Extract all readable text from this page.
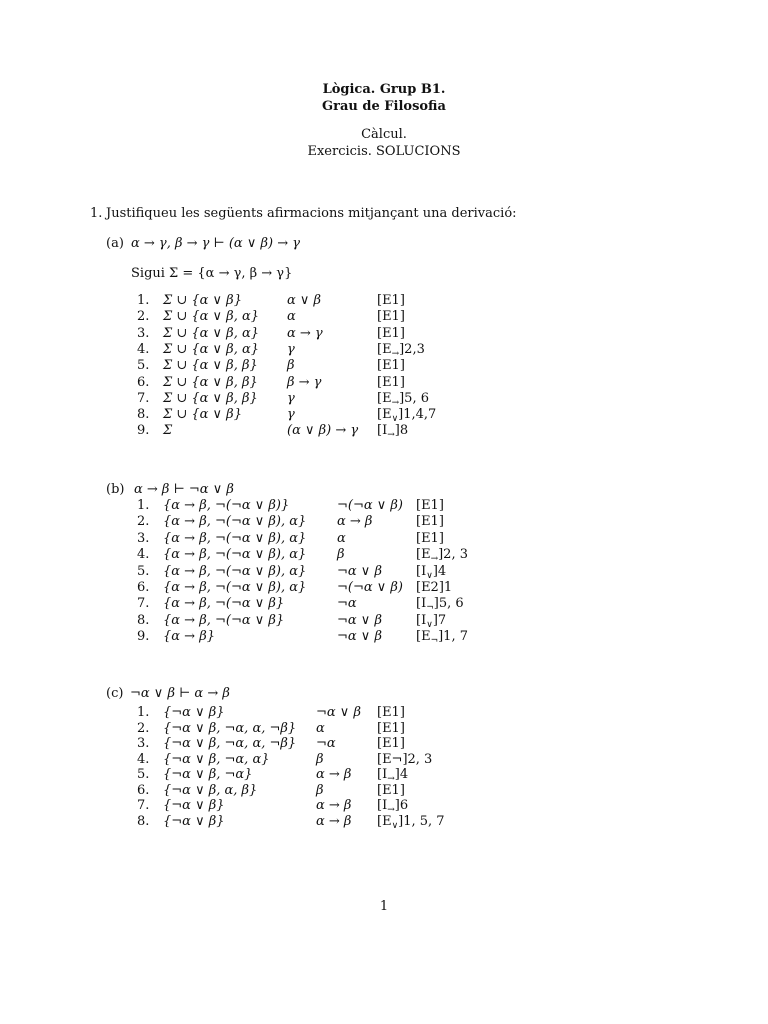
Lògica. Grup B1.
Grau de Filosofia
Càlcul.
Exercicis. SOLUCIONS
1. Justifiqueu les següents afirmacions mitjançant una derivació:
(a) α → γ, β → γ ⊢ (α ∨ β) → γ
Sigui Σ = {α → γ, β → γ}
1. Σ ∪ {α ∨ β}	α ∨ β	[E1]
2. Σ ∪ {α ∨ β, α} α	[E1]
3. Σ ∪ {α ∨ β, α} α → γ	[E1]
4. Σ ∪ {α ∨ β, α} γ	$[E_\to]2,3$
5. Σ ∪ {α ∨ β, β} β	[E1]
6. Σ ∪ {α ∨ β, β} β → γ	[E1]
7. Σ ∪ {α ∨ β, β} γ	$[E_\to]5$, 6
8. Σ ∪ {α ∨ β}	γ	$[E_\vee]1,4,7$
9. Σ	(α ∨ β) → γ $[I_\to]8$
(b) α → β ⊢ ¬α ∨ β
1. {α → β, ¬(¬α ∨ β)}	¬(¬α ∨ β) [E1]
2. {α → β, ¬(¬α ∨ β), α} α → β	[E1]
3. {α → β, ¬(¬α ∨ β), α} α	[E1]
4. {α → β, ¬(¬α ∨ β), α} β	$[E_\to]2$, 3
5. {α → β, ¬(¬α ∨ β), α} ¬α ∨ β	$[I_\vee]4$
6. {α → β, ¬(¬α ∨ β), α} ¬(¬α ∨ β) [E2]1
7. {α → β, ¬(¬α ∨ β}	¬α	$[I_\neg]5$, 6
8. {α → β, ¬(¬α ∨ β}	¬α ∨ β	$[I_\vee]7$
9. {α → β}	¬α ∨ β	$[E_\neg]1$, 7
(c) ¬α ∨ β ⊢ α → β
1. {¬α ∨ β}	¬α ∨ β [E1]
2. {¬α ∨ β, ¬α, α, ¬β} α	[E1]
3. {¬α ∨ β, ¬α, α, ¬β} ¬α	[E1]
4. {¬α ∨ β, ¬α, α}	β	[E¬]2, 3
5. {¬α ∨ β, ¬α}	α → β $[I_\to]4$
6. {¬α ∨ β, α, β}	β	[E1]
7. {¬α ∨ β}	α → β $[I_\to]6$
8. {¬α ∨ β}	α → β $[E_\vee]1$, 5, 7
1
